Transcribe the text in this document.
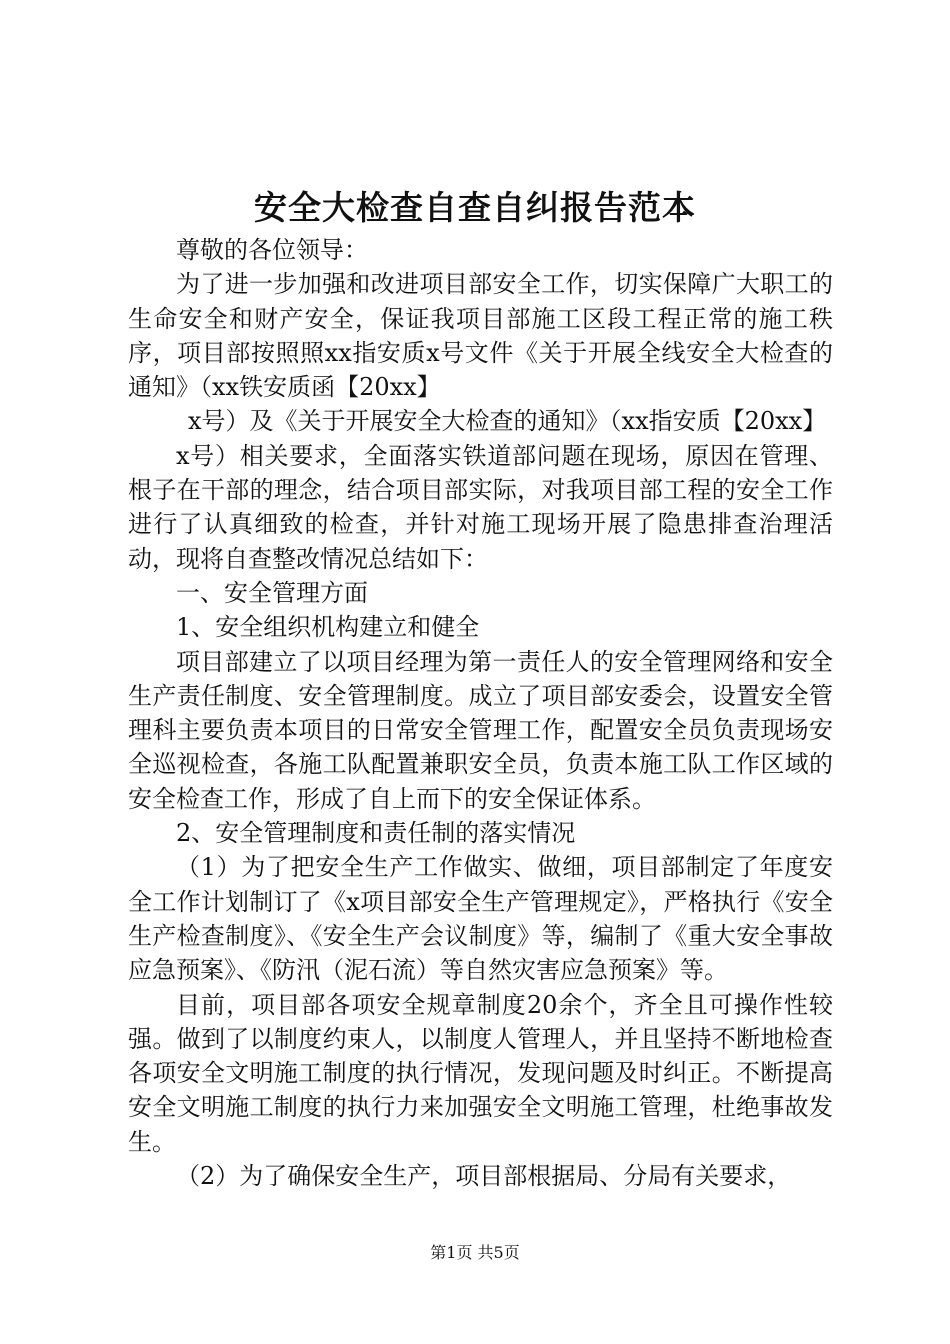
安全大检查自查自纠报告范本

尊敬的各位领导：

为了进一步加强和改进项目部安全工作，切实保障广大职工的生命安全和财产安全，保证我项目部施工区段工程正常的施工秩序，项目部按照照xx指安质x号文件《关于开展全线安全大检查的通知》（xx铁安质函【20xx】

x号）及《关于开展安全大检查的通知》（xx指安质【20xx】

x号）相关要求，全面落实铁道部问题在现场，原因在管理、根子在干部的理念，结合项目部实际，对我项目部工程的安全工作进行了认真细致的检查，并针对施工现场开展了隐患排查治理活动，现将自查整改情况总结如下：

一、安全管理方面

1、安全组织机构建立和健全

项目部建立了以项目经理为第一责任人的安全管理网络和安全生产责任制度、安全管理制度。成立了项目部安委会，设置安全管理科主要负责本项目的日常安全管理工作，配置安全员负责现场安全巡视检查，各施工队配置兼职安全员，负责本施工队工作区域的安全检查工作，形成了自上而下的安全保证体系。

2、安全管理制度和责任制的落实情况

（1）为了把安全生产工作做实、做细，项目部制定了年度安全工作计划制订了《x项目部安全生产管理规定》，严格执行《安全生产检查制度》、《安全生产会议制度》等，编制了《重大安全事故应急预案》、《防汛（泥石流）等自然灾害应急预案》等。

目前，项目部各项安全规章制度20余个，齐全且可操作性较强。做到了以制度约束人，以制度人管理人，并且坚持不断地检查各项安全文明施工制度的执行情况，发现问题及时纠正。不断提高安全文明施工制度的执行力来加强安全文明施工管理，杜绝事故发生。

（2）为了确保安全生产，项目部根据局、分局有关要求，

第1页 共5页
